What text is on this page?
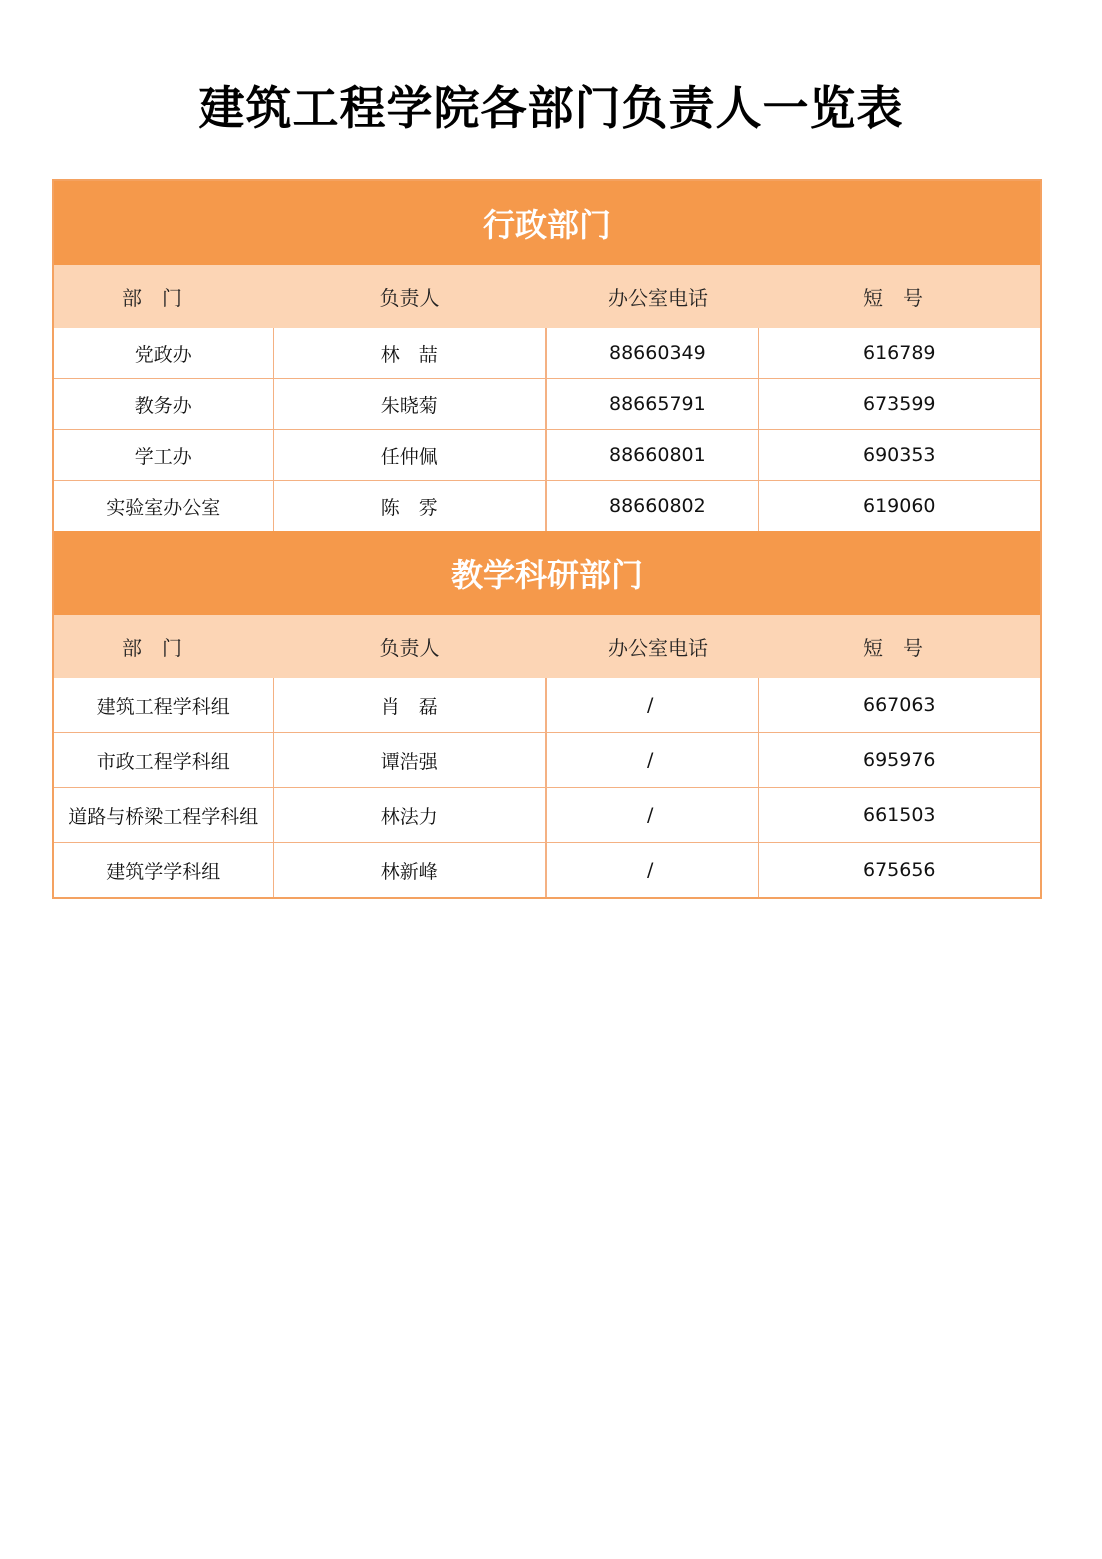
建筑工程学院各部门负责人一览表
行政部门			
部　门	负责人	办公室电话	短　号
党政办	林　喆	88660349	616789
教务办	朱晓菊	88665791	673599
学工办	任仲佩	88660801	690353
实验室办公室	陈　雰	88660802	619060
教学科研部门			
部　门	负责人	办公室电话	短　号
建筑工程学科组	肖　磊	/	667063
市政工程学科组	谭浩强	/	695976
道路与桥梁工程学科组	林法力	/	661503
建筑学学科组	林新峰	/	675656
